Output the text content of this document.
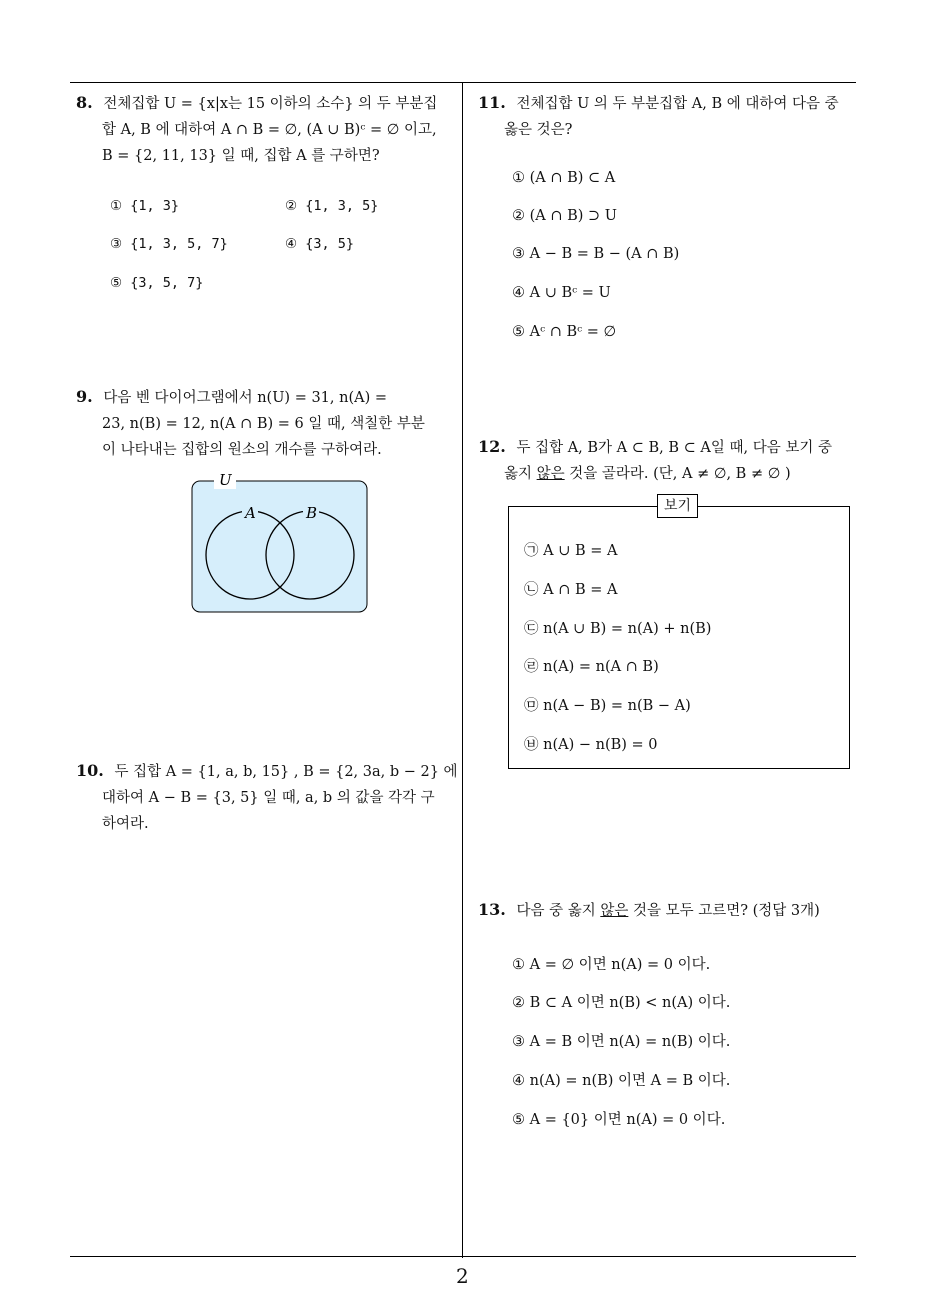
8. 전체집합 U = {x|x는 15 이하의 소수} 의 두 부분집
합 A, B 에 대하여 A ∩ B = ∅, (A ∪ B)ᶜ = ∅ 이고,
B = {2, 11, 13} 일 때, 집합 A 를 구하면?
① {1, 3}	② {1, 3, 5}
③ {1, 3, 5, 7}	④ {3, 5}
⑤ {3, 5, 7}
9. 다음 벤 다이어그램에서 n(U) = 31, n(A) =
23, n(B) = 12, n(A ∩ B) = 6 일 때, 색칠한 부분
이 나타내는 집합의 원소의 개수를 구하여라.
U
A	B
10. 두 집합 A = {1, a, b, 15} , B = {2, 3a, b − 2} 에
대하여 A − B = {3, 5} 일 때, a, b 의 값을 각각 구
하여라.
11. 전체집합 U 의 두 부분집합 A, B 에 대하여 다음 중
옳은 것은?
① (A ∩ B) ⊂ A
② (A ∩ B) ⊃ U
③ A − B = B − (A ∩ B)
④ A ∪ Bᶜ = U
⑤ Aᶜ ∩ Bᶜ = ∅
12. 두 집합 A, B가 A ⊂ B, B ⊂ A일 때, 다음 보기 중
옳지 않은 것을 골라라. (단, A ≠ ∅, B ≠ ∅ )
보기
㉠ A ∪ B = A
㉡ A ∩ B = A
㉢ n(A ∪ B) = n(A) + n(B)
㉣ n(A) = n(A ∩ B)
㉤ n(A − B) = n(B − A)
㉥ n(A) − n(B) = 0
13. 다음 중 옳지 않은 것을 모두 고르면? (정답 3개)
① A = ∅ 이면 n(A) = 0 이다.
② B ⊂ A 이면 n(B) < n(A) 이다.
③ A = B 이면 n(A) = n(B) 이다.
④ n(A) = n(B) 이면 A = B 이다.
⑤ A = {0} 이면 n(A) = 0 이다.
2
